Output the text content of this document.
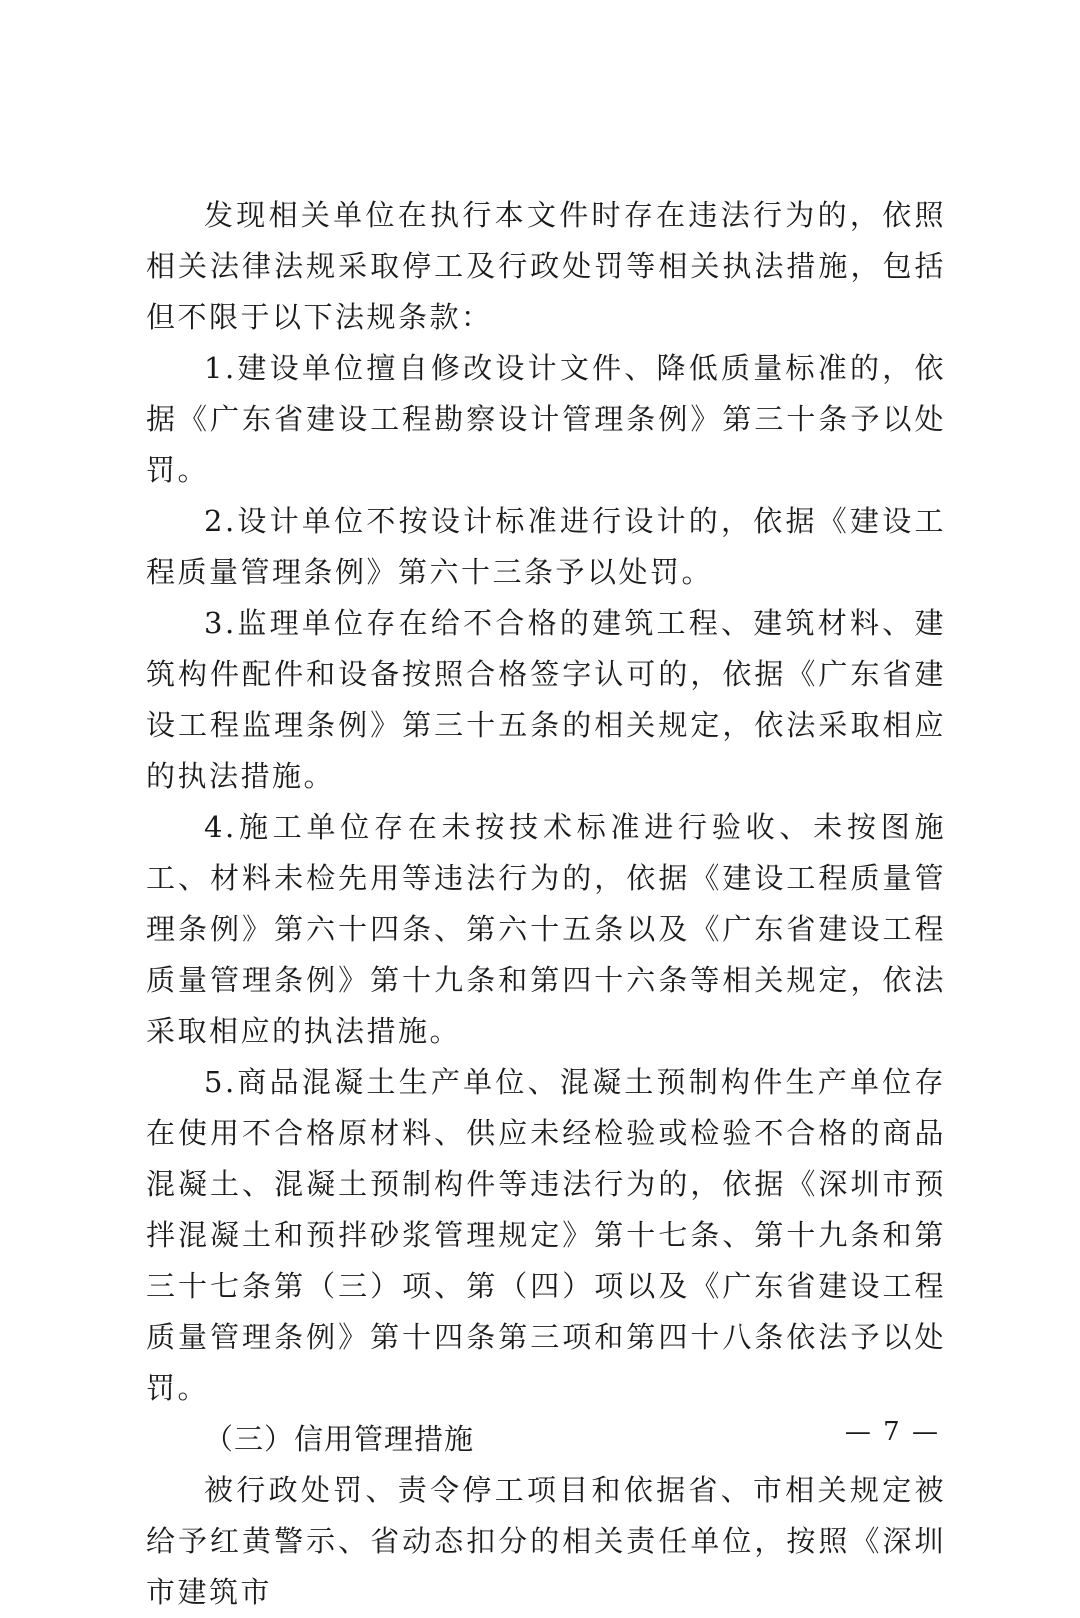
发现相关单位在执行本文件时存在违法行为的，依照相关法律法规采取停工及行政处罚等相关执法措施，包括但不限于以下法规条款：

1.建设单位擅自修改设计文件、降低质量标准的，依据《广东省建设工程勘察设计管理条例》第三十条予以处罚。

2.设计单位不按设计标准进行设计的，依据《建设工程质量管理条例》第六十三条予以处罚。

3.监理单位存在给不合格的建筑工程、建筑材料、建筑构件配件和设备按照合格签字认可的，依据《广东省建设工程监理条例》第三十五条的相关规定，依法采取相应的执法措施。

4.施工单位存在未按技术标准进行验收、未按图施工、材料未检先用等违法行为的，依据《建设工程质量管理条例》第六十四条、第六十五条以及《广东省建设工程质量管理条例》第十九条和第四十六条等相关规定，依法采取相应的执法措施。

5.商品混凝土生产单位、混凝土预制构件生产单位存在使用不合格原材料、供应未经检验或检验不合格的商品混凝土、混凝土预制构件等违法行为的，依据《深圳市预拌混凝土和预拌砂浆管理规定》第十七条、第十九条和第三十七条第（三）项、第（四）项以及《广东省建设工程质量管理条例》第十四条第三项和第四十八条依法予以处罚。

（三）信用管理措施

被行政处罚、责令停工项目和依据省、市相关规定被给予红黄警示、省动态扣分的相关责任单位，按照《深圳市建筑市

— 7 —
